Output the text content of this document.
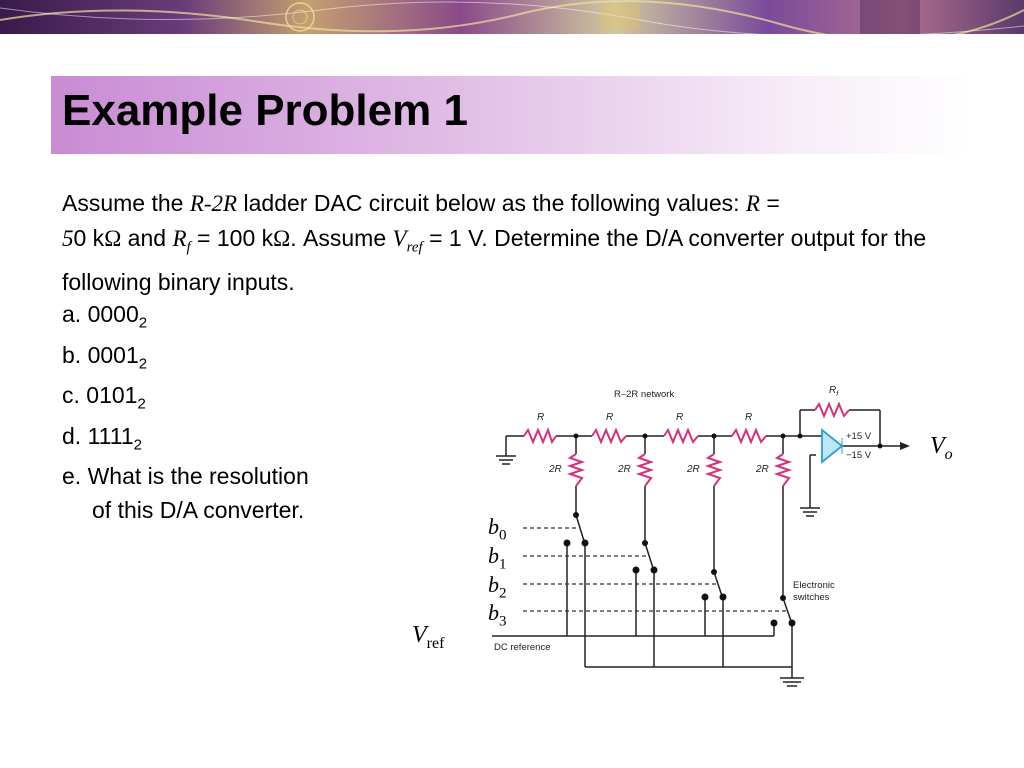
Example Problem 1
Assume the R-2R ladder DAC circuit below as the following values: R =
50 kΩ and $R_f = 100$ kΩ. Assume $V_{ref} = 1$ V. Determine the D/A converter output for the following binary inputs.
a. $0000_2$
b. $0001_2$
c. $0101_2$
d. $1111_2$
e. What is the resolution
of this D/A converter.
R–2R network
R	R	R	R
$R_f$
2R	2R	2R	2R
+15 V
−15 V $V_o$
$V_{ref}$	DC reference
Electronic
switches
$b_0$
$b_1$
$b_2$
$b_3$
